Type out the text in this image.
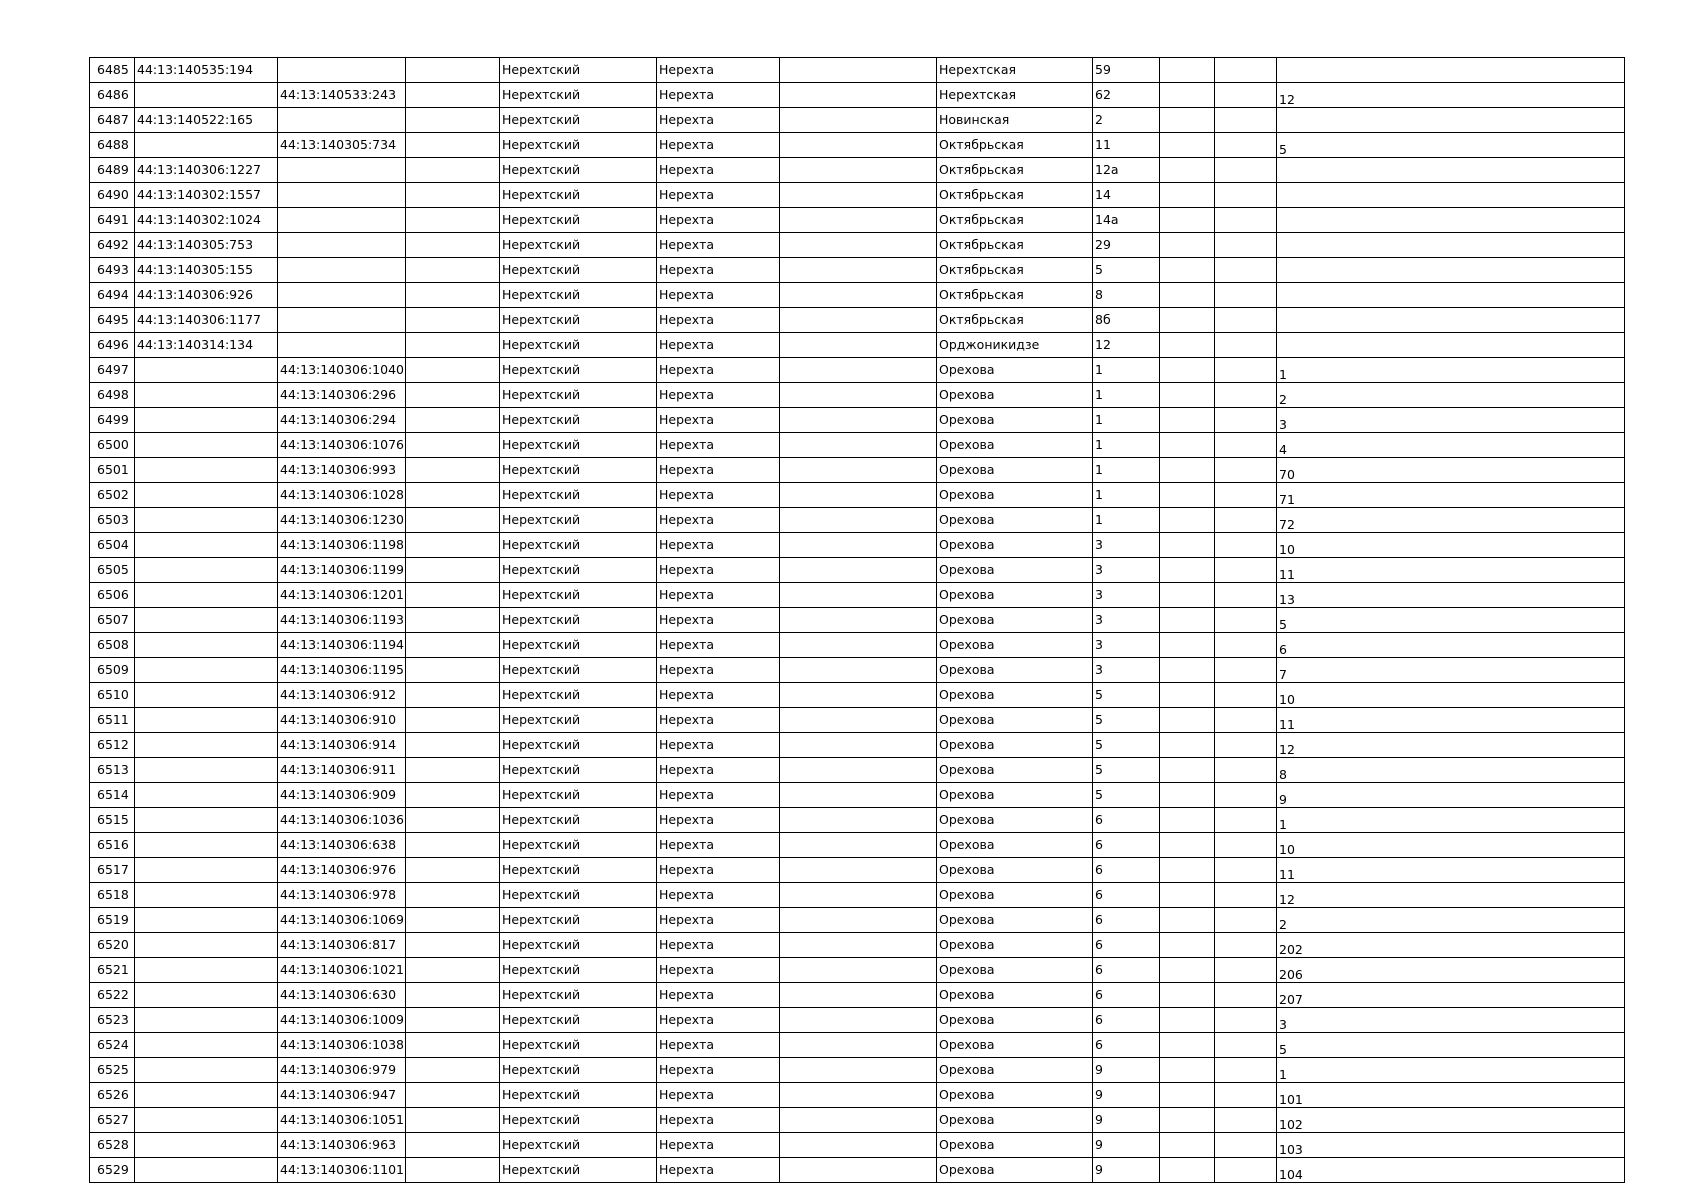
6485	44:13:140535:194			Нерехтский	Нерехта		Нерехтская	59			
6486		44:13:140533:243		Нерехтский	Нерехта		Нерехтская	62			12
6487	44:13:140522:165			Нерехтский	Нерехта		Новинская	2			
6488		44:13:140305:734		Нерехтский	Нерехта		Октябрьская	11			5
6489	44:13:140306:1227			Нерехтский	Нерехта		Октябрьская	12а			
6490	44:13:140302:1557			Нерехтский	Нерехта		Октябрьская	14			
6491	44:13:140302:1024			Нерехтский	Нерехта		Октябрьская	14а			
6492	44:13:140305:753			Нерехтский	Нерехта		Октябрьская	29			
6493	44:13:140305:155			Нерехтский	Нерехта		Октябрьская	5			
6494	44:13:140306:926			Нерехтский	Нерехта		Октябрьская	8			
6495	44:13:140306:1177			Нерехтский	Нерехта		Октябрьская	8б			
6496	44:13:140314:134			Нерехтский	Нерехта		Орджоникидзе	12			
6497		44:13:140306:1040		Нерехтский	Нерехта		Орехова	1			1
6498		44:13:140306:296		Нерехтский	Нерехта		Орехова	1			2
6499		44:13:140306:294		Нерехтский	Нерехта		Орехова	1			3
6500		44:13:140306:1076		Нерехтский	Нерехта		Орехова	1			4
6501		44:13:140306:993		Нерехтский	Нерехта		Орехова	1			70
6502		44:13:140306:1028		Нерехтский	Нерехта		Орехова	1			71
6503		44:13:140306:1230		Нерехтский	Нерехта		Орехова	1			72
6504		44:13:140306:1198		Нерехтский	Нерехта		Орехова	3			10
6505		44:13:140306:1199		Нерехтский	Нерехта		Орехова	3			11
6506		44:13:140306:1201		Нерехтский	Нерехта		Орехова	3			13
6507		44:13:140306:1193		Нерехтский	Нерехта		Орехова	3			5
6508		44:13:140306:1194		Нерехтский	Нерехта		Орехова	3			6
6509		44:13:140306:1195		Нерехтский	Нерехта		Орехова	3			7
6510		44:13:140306:912		Нерехтский	Нерехта		Орехова	5			10
6511		44:13:140306:910		Нерехтский	Нерехта		Орехова	5			11
6512		44:13:140306:914		Нерехтский	Нерехта		Орехова	5			12
6513		44:13:140306:911		Нерехтский	Нерехта		Орехова	5			8
6514		44:13:140306:909		Нерехтский	Нерехта		Орехова	5			9
6515		44:13:140306:1036		Нерехтский	Нерехта		Орехова	6			1
6516		44:13:140306:638		Нерехтский	Нерехта		Орехова	6			10
6517		44:13:140306:976		Нерехтский	Нерехта		Орехова	6			11
6518		44:13:140306:978		Нерехтский	Нерехта		Орехова	6			12
6519		44:13:140306:1069		Нерехтский	Нерехта		Орехова	6			2
6520		44:13:140306:817		Нерехтский	Нерехта		Орехова	6			202
6521		44:13:140306:1021		Нерехтский	Нерехта		Орехова	6			206
6522		44:13:140306:630		Нерехтский	Нерехта		Орехова	6			207
6523		44:13:140306:1009		Нерехтский	Нерехта		Орехова	6			3
6524		44:13:140306:1038		Нерехтский	Нерехта		Орехова	6			5
6525		44:13:140306:979		Нерехтский	Нерехта		Орехова	9			1
6526		44:13:140306:947		Нерехтский	Нерехта		Орехова	9			101
6527		44:13:140306:1051		Нерехтский	Нерехта		Орехова	9			102
6528		44:13:140306:963		Нерехтский	Нерехта		Орехова	9			103
6529		44:13:140306:1101		Нерехтский	Нерехта		Орехова	9			104
